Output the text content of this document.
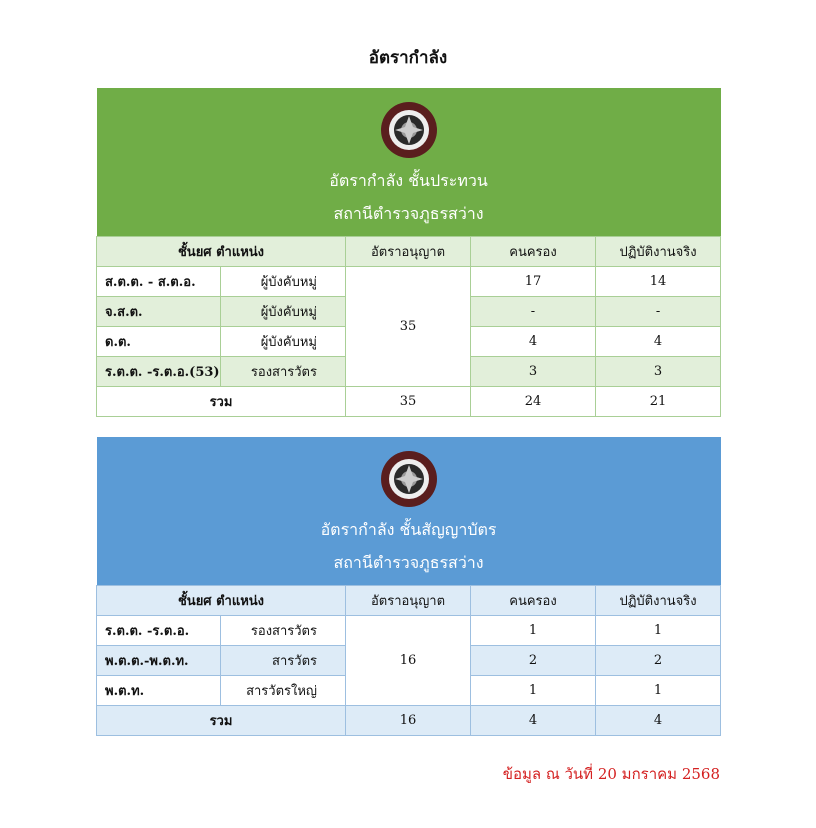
อัตรากำลัง
อัตรากำลัง ชั้นประทวน
สถานีตำรวจภูธรสว่าง				

ชั้นยศ ตำแหน่ง		อัตราอนุญาต	คนครอง	ปฏิบัติงานจริง
ส.ต.ต. - ส.ต.อ.	ผู้บังคับหมู่	35	17	14
จ.ส.ต.	ผู้บังคับหมู่		-	-
ด.ต.	ผู้บังคับหมู่		4	4
ร.ต.ต. -ร.ต.อ.(53)	รองสารวัตร		3	3
รวม		35	24	21
อัตรากำลัง ชั้นสัญญาบัตร
สถานีตำรวจภูธรสว่าง				

ชั้นยศ ตำแหน่ง		อัตราอนุญาต	คนครอง	ปฏิบัติงานจริง
ร.ต.ต. -ร.ต.อ.	รองสารวัตร	16	1	1
พ.ต.ต.-พ.ต.ท.	สารวัตร		2	2
พ.ต.ท.	สารวัตรใหญ่		1	1
รวม		16	4	4
ข้อมูล ณ วันที่ 20 มกราคม 2568
